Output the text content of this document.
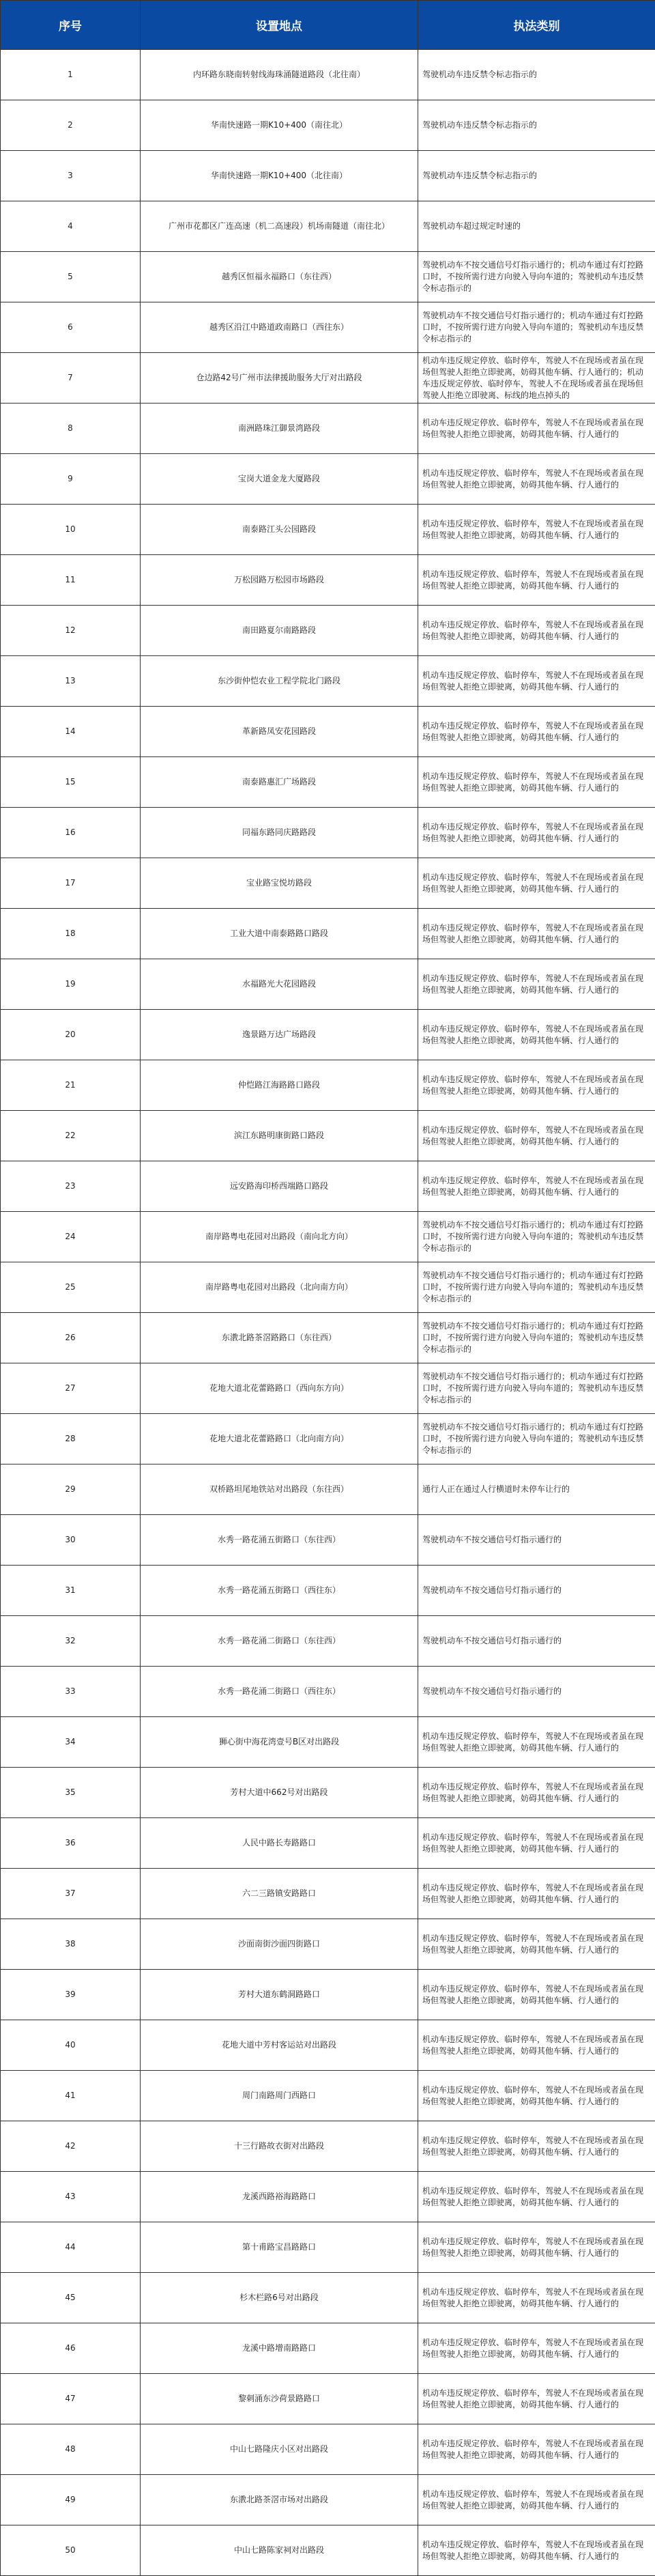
序号	设置地点	执法类别
1	内环路东晓南转射线海珠涌隧道路段（北往南）	驾驶机动车违反禁令标志指示的
2	华南快速路一期K10+400（南往北）	驾驶机动车违反禁令标志指示的
3	华南快速路一期K10+400（北往南）	驾驶机动车违反禁令标志指示的
4	广州市花都区广连高速（机二高速段）机场南隧道（南往北）	驾驶机动车超过规定时速的
5	越秀区恒福永福路口（东往西）	驾驶机动车不按交通信号灯指示通行的；机动车通过有灯控路口时，不按所需行进方向驶入导向车道的；驾驶机动车违反禁令标志指示的
6	越秀区沿江中路道政南路口（西往东）	驾驶机动车不按交通信号灯指示通行的；机动车通过有灯控路口时，不按所需行进方向驶入导向车道的；驾驶机动车违反禁令标志指示的
7	仓边路42号广州市法律援助服务大厅对出路段	机动车违反规定停放、临时停车，驾驶人不在现场或者虽在现场但驾驶人拒绝立即驶离，妨碍其他车辆、行人通行的；机动车违反规定停放、临时停车，驾驶人不在现场或者虽在现场但驾驶人拒绝立即驶离、标线的地点掉头的
8	南洲路珠江御景湾路段	机动车违反规定停放、临时停车，驾驶人不在现场或者虽在现场但驾驶人拒绝立即驶离，妨碍其他车辆、行人通行的
9	宝岗大道金龙大厦路段	机动车违反规定停放、临时停车，驾驶人不在现场或者虽在现场但驾驶人拒绝立即驶离，妨碍其他车辆、行人通行的
10	南泰路江头公园路段	机动车违反规定停放、临时停车，驾驶人不在现场或者虽在现场但驾驶人拒绝立即驶离，妨碍其他车辆、行人通行的
11	万松园路万松园市场路段	机动车违反规定停放、临时停车，驾驶人不在现场或者虽在现场但驾驶人拒绝立即驶离，妨碍其他车辆、行人通行的
12	南田路夏尔南路路段	机动车违反规定停放、临时停车，驾驶人不在现场或者虽在现场但驾驶人拒绝立即驶离，妨碍其他车辆、行人通行的
13	东沙街仲恺农业工程学院北门路段	机动车违反规定停放、临时停车，驾驶人不在现场或者虽在现场但驾驶人拒绝立即驶离，妨碍其他车辆、行人通行的
14	革新路凤安花园路段	机动车违反规定停放、临时停车，驾驶人不在现场或者虽在现场但驾驶人拒绝立即驶离，妨碍其他车辆、行人通行的
15	南泰路惠汇广场路段	机动车违反规定停放、临时停车，驾驶人不在现场或者虽在现场但驾驶人拒绝立即驶离，妨碍其他车辆、行人通行的
16	同福东路同庆路路段	机动车违反规定停放、临时停车，驾驶人不在现场或者虽在现场但驾驶人拒绝立即驶离，妨碍其他车辆、行人通行的
17	宝业路宝悦坊路段	机动车违反规定停放、临时停车，驾驶人不在现场或者虽在现场但驾驶人拒绝立即驶离，妨碍其他车辆、行人通行的
18	工业大道中南泰路路口路段	机动车违反规定停放、临时停车，驾驶人不在现场或者虽在现场但驾驶人拒绝立即驶离，妨碍其他车辆、行人通行的
19	水福路光大花园路段	机动车违反规定停放、临时停车，驾驶人不在现场或者虽在现场但驾驶人拒绝立即驶离，妨碍其他车辆、行人通行的
20	逸景路万达广场路段	机动车违反规定停放、临时停车，驾驶人不在现场或者虽在现场但驾驶人拒绝立即驶离，妨碍其他车辆、行人通行的
21	仲恺路江海路路口路段	机动车违反规定停放、临时停车，驾驶人不在现场或者虽在现场但驾驶人拒绝立即驶离，妨碍其他车辆、行人通行的
22	滨江东路明康街路口路段	机动车违反规定停放、临时停车，驾驶人不在现场或者虽在现场但驾驶人拒绝立即驶离，妨碍其他车辆、行人通行的
23	远安路海印桥西端路口路段	机动车违反规定停放、临时停车，驾驶人不在现场或者虽在现场但驾驶人拒绝立即驶离，妨碍其他车辆、行人通行的
24	南岸路粤电花园对出路段（南向北方向）	驾驶机动车不按交通信号灯指示通行的；机动车通过有灯控路口时，不按所需行进方向驶入导向车道的；驾驶机动车违反禁令标志指示的
25	南岸路粤电花园对出路段（北向南方向）	驾驶机动车不按交通信号灯指示通行的；机动车通过有灯控路口时，不按所需行进方向驶入导向车道的；驾驶机动车违反禁令标志指示的
26	东漖北路茶滘路路口（东往西）	驾驶机动车不按交通信号灯指示通行的；机动车通过有灯控路口时，不按所需行进方向驶入导向车道的；驾驶机动车违反禁令标志指示的
27	花地大道北花蕾路路口（西向东方向）	驾驶机动车不按交通信号灯指示通行的；机动车通过有灯控路口时，不按所需行进方向驶入导向车道的；驾驶机动车违反禁令标志指示的
28	花地大道北花蕾路路口（北向南方向）	驾驶机动车不按交通信号灯指示通行的；机动车通过有灯控路口时，不按所需行进方向驶入导向车道的；驾驶机动车违反禁令标志指示的
29	双桥路坦尾地铁站对出路段（东往西）	通行人正在通过人行横道时未停车让行的
30	水秀一路花涌五街路口（东往西）	驾驶机动车不按交通信号灯指示通行的
31	水秀一路花涌五街路口（西往东）	驾驶机动车不按交通信号灯指示通行的
32	水秀一路花涌二街路口（东往西）	驾驶机动车不按交通信号灯指示通行的
33	水秀一路花涌二街路口（西往东）	驾驶机动车不按交通信号灯指示通行的
34	狮心街中海花湾壹号B区对出路段	机动车违反规定停放、临时停车，驾驶人不在现场或者虽在现场但驾驶人拒绝立即驶离，妨碍其他车辆、行人通行的
35	芳村大道中662号对出路段	机动车违反规定停放、临时停车，驾驶人不在现场或者虽在现场但驾驶人拒绝立即驶离，妨碍其他车辆、行人通行的
36	人民中路长寿路路口	机动车违反规定停放、临时停车，驾驶人不在现场或者虽在现场但驾驶人拒绝立即驶离，妨碍其他车辆、行人通行的
37	六二三路镇安路路口	机动车违反规定停放、临时停车，驾驶人不在现场或者虽在现场但驾驶人拒绝立即驶离，妨碍其他车辆、行人通行的
38	沙面南街沙面四街路口	机动车违反规定停放、临时停车，驾驶人不在现场或者虽在现场但驾驶人拒绝立即驶离，妨碍其他车辆、行人通行的
39	芳村大道东鹤洞路路口	机动车违反规定停放、临时停车，驾驶人不在现场或者虽在现场但驾驶人拒绝立即驶离，妨碍其他车辆、行人通行的
40	花地大道中芳村客运站对出路段	机动车违反规定停放、临时停车，驾驶人不在现场或者虽在现场但驾驶人拒绝立即驶离，妨碍其他车辆、行人通行的
41	周门南路周门西路口	机动车违反规定停放、临时停车，驾驶人不在现场或者虽在现场但驾驶人拒绝立即驶离，妨碍其他车辆、行人通行的
42	十三行路故衣街对出路段	机动车违反规定停放、临时停车，驾驶人不在现场或者虽在现场但驾驶人拒绝立即驶离，妨碍其他车辆、行人通行的
43	龙溪西路裕海路路口	机动车违反规定停放、临时停车，驾驶人不在现场或者虽在现场但驾驶人拒绝立即驶离，妨碍其他车辆、行人通行的
44	第十甫路宝昌路路口	机动车违反规定停放、临时停车，驾驶人不在现场或者虽在现场但驾驶人拒绝立即驶离，妨碍其他车辆、行人通行的
45	杉木栏路6号对出路段	机动车违反规定停放、临时停车，驾驶人不在现场或者虽在现场但驾驶人拒绝立即驶离，妨碍其他车辆、行人通行的
46	龙溪中路增南路路口	机动车违反规定停放、临时停车，驾驶人不在现场或者虽在现场但驾驶人拒绝立即驶离，妨碍其他车辆、行人通行的
47	黎刺涌东沙荷景路路口	机动车违反规定停放、临时停车，驾驶人不在现场或者虽在现场但驾驶人拒绝立即驶离，妨碍其他车辆、行人通行的
48	中山七路隆庆小区对出路段	机动车违反规定停放、临时停车，驾驶人不在现场或者虽在现场但驾驶人拒绝立即驶离，妨碍其他车辆、行人通行的
49	东漖北路茶滘市场对出路段	机动车违反规定停放、临时停车，驾驶人不在现场或者虽在现场但驾驶人拒绝立即驶离，妨碍其他车辆、行人通行的
50	中山七路陈家祠对出路段	机动车违反规定停放、临时停车，驾驶人不在现场或者虽在现场但驾驶人拒绝立即驶离，妨碍其他车辆、行人通行的
